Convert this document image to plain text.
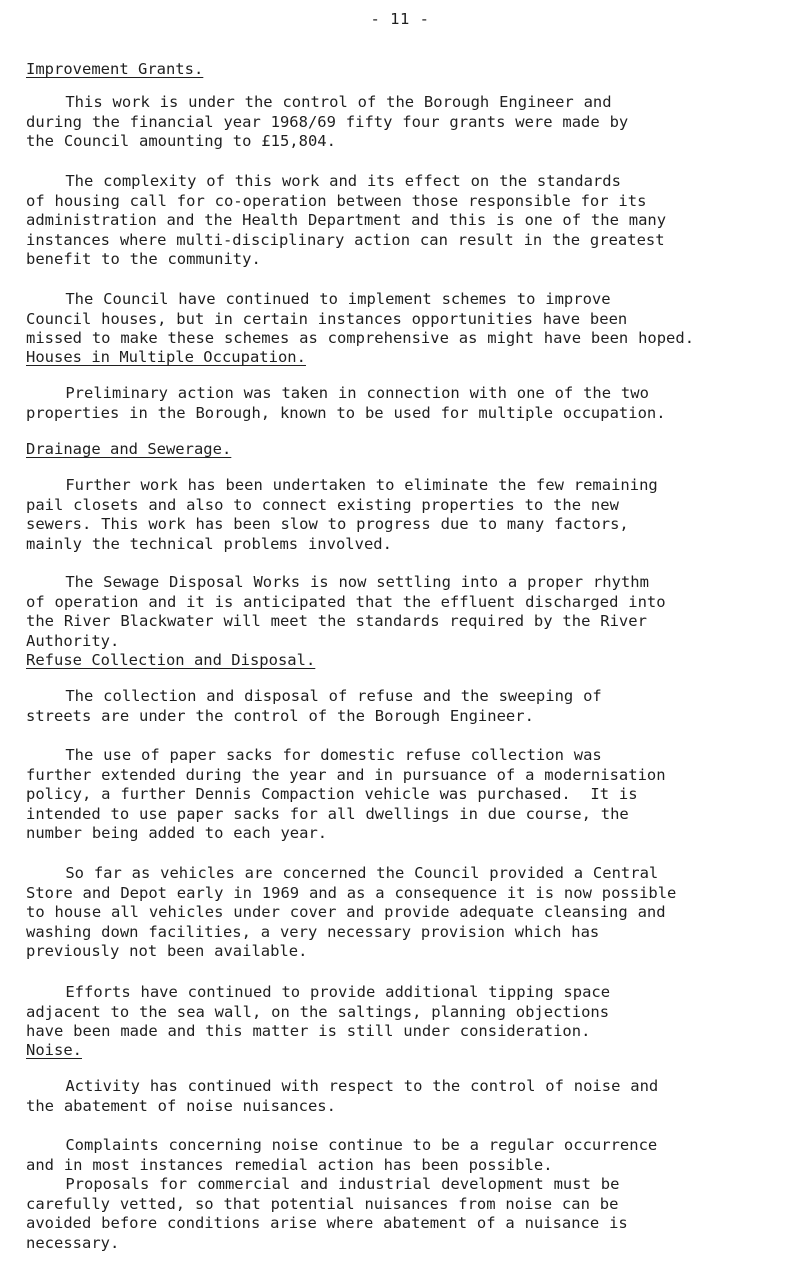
- 11 -
Improvement Grants.

This work is under the control of the Borough Engineer and
during the financial year 1968/69 fifty four grants were made by
the Council amounting to £15,804.

The complexity of this work and its effect on the standards
of housing call for co-operation between those responsible for its
administration and the Health Department and this is one of the many
instances where multi-disciplinary action can result in the greatest
benefit to the community.

The Council have continued to implement schemes to improve
Council houses, but in certain instances opportunities have been
missed to make these schemes as comprehensive as might have been hoped.

Houses in Multiple Occupation.

Preliminary action was taken in connection with one of the two
properties in the Borough, known to be used for multiple occupation.

Drainage and Sewerage.

Further work has been undertaken to eliminate the few remaining
pail closets and also to connect existing properties to the new
sewers. This work has been slow to progress due to many factors,
mainly the technical problems involved.

The Sewage Disposal Works is now settling into a proper rhythm
of operation and it is anticipated that the effluent discharged into
the River Blackwater will meet the standards required by the River
Authority.

Refuse Collection and Disposal.

The collection and disposal of refuse and the sweeping of
streets are under the control of the Borough Engineer.

The use of paper sacks for domestic refuse collection was
further extended during the year and in pursuance of a modernisation
policy, a further Dennis Compaction vehicle was purchased.  It is
intended to use paper sacks for all dwellings in due course, the
number being added to each year.

So far as vehicles are concerned the Council provided a Central
Store and Depot early in 1969 and as a consequence it is now possible
to house all vehicles under cover and provide adequate cleansing and
washing down facilities, a very necessary provision which has
previously not been available.

Efforts have continued to provide additional tipping space
adjacent to the sea wall, on the saltings, planning objections
have been made and this matter is still under consideration.

Noise.

Activity has continued with respect to the control of noise and
the abatement of noise nuisances.

Complaints concerning noise continue to be a regular occurrence
and in most instances remedial action has been possible.

Proposals for commercial and industrial development must be
carefully vetted, so that potential nuisances from noise can be
avoided before conditions arise where abatement of a nuisance is
necessary.
